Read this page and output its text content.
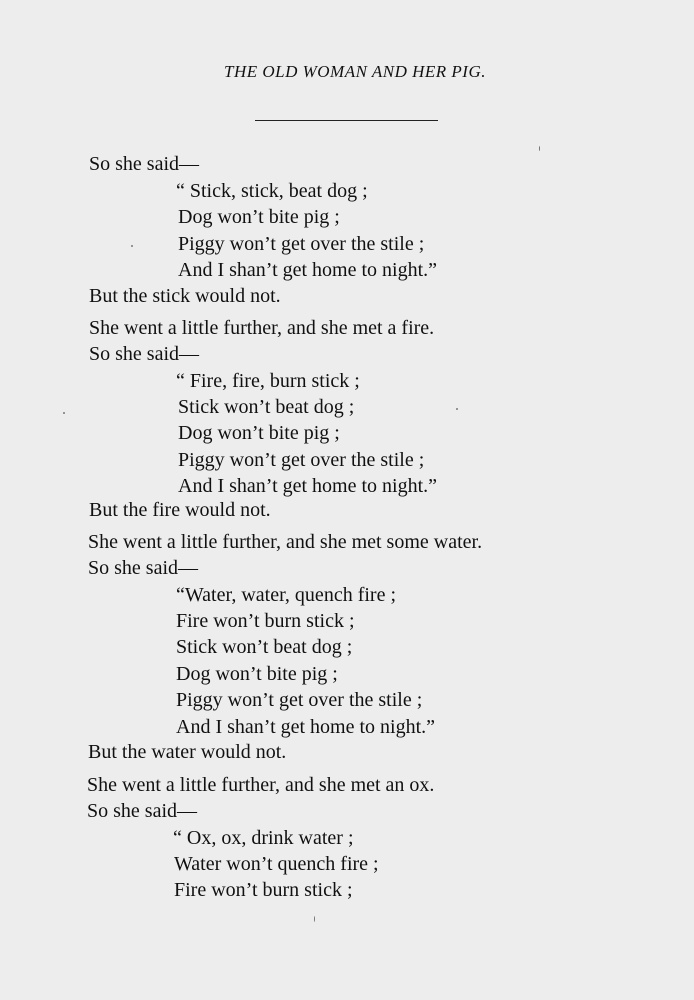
THE OLD WOMAN AND HER PIG.
So she said—
“ Stick, stick, beat dog ;
Dog won’t bite pig ;
Piggy won’t get over the stile ;
And I shan’t get home to night.”
But the stick would not.
She went a little further, and she met a fire.
So she said—
“ Fire, fire, burn stick ;
Stick won’t beat dog ;
Dog won’t bite pig ;
Piggy won’t get over the stile ;
And I shan’t get home to night.”
But the fire would not.
She went a little further, and she met some water.
So she said—
“Water, water, quench fire ;
Fire won’t burn stick ;
Stick won’t beat dog ;
Dog won’t bite pig ;
Piggy won’t get over the stile ;
And I shan’t get home to night.”
But the water would not.
She went a little further, and she met an ox.
So she said—
“ Ox, ox, drink water ;
Water won’t quench fire ;
Fire won’t burn stick ;
